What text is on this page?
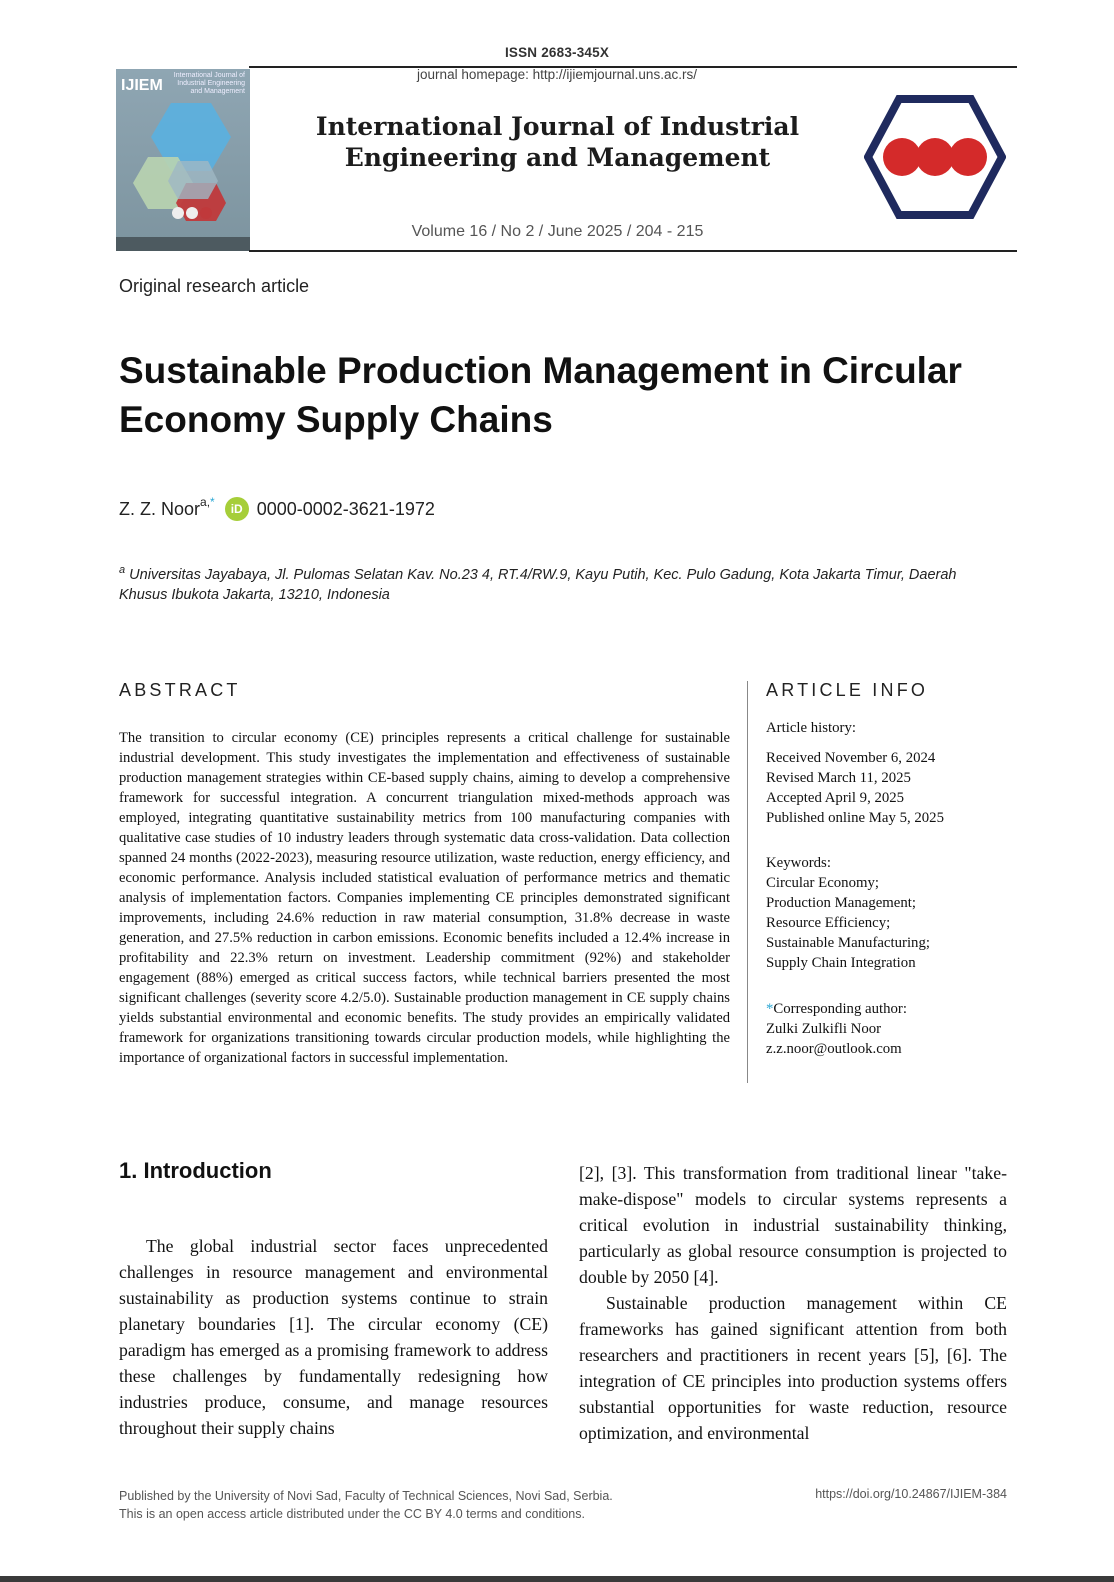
ISSN 2683-345X
journal homepage: http://ijiemjournal.uns.ac.rs/
IJIEM
International Journal of Industrial Engineering and Management
International Journal of Industrial Engineering and Management
Volume 16 / No 2 / June 2025 / 204 - 215
Original research article
Sustainable Production Management in Circular Economy Supply Chains
Z. Z. Noor $^{a,*}$	iD 0000-0002-3621-1972
$^a$ Universitas Jayabaya, Jl. Pulomas Selatan Kav. No.23 4, RT.4/RW.9, Kayu Putih, Kec. Pulo Gadung, Kota Jakarta Timur, Daerah Khusus Ibukota Jakarta, 13210, Indonesia
ABSTRACT	ARTICLE INFO
The transition to circular economy (CE) principles represents a critical challenge for sustainable industrial development. This study investigates the implementation and effectiveness of sustainable production management strategies within CE-based supply chains, aiming to develop a comprehensive framework for successful integration. A concurrent triangulation mixed-methods approach was employed, integrating quantitative sustainability metrics from 100 manufacturing companies with qualitative case studies of 10 industry leaders through systematic data cross-validation. Data collection spanned 24 months (2022-2023), measuring resource utilization, waste reduction, energy efficiency, and economic performance. Analysis included statistical evaluation of performance metrics and thematic analysis of implementation factors. Companies implementing CE principles demonstrated significant improvements, including 24.6% reduction in raw material consumption, 31.8% decrease in waste generation, and 27.5% reduction in carbon emissions. Economic benefits included a 12.4% increase in profitability and 22.3% return on investment. Leadership commitment (92%) and stakeholder engagement (88%) emerged as critical success factors, while technical barriers presented the most significant challenges (severity score 4.2/5.0). Sustainable production management in CE supply chains yields substantial environmental and economic benefits. The study provides an empirically validated framework for organizations transitioning towards circular production models, while highlighting the importance of organizational factors in successful implementation.
Article history:
Received November 6, 2024
Revised March 11, 2025
Accepted April 9, 2025
Published online May 5, 2025
Keywords:
Circular Economy;
Production Management;
Resource Efficiency;
Sustainable Manufacturing;
Supply Chain Integration
*Corresponding author:
Zulki Zulkifli Noor
z.z.noor@outlook.com
1. Introduction

The global industrial sector faces unprecedented challenges in resource management and environmental sustainability as production systems continue to strain planetary boundaries [1]. The circular economy (CE) paradigm has emerged as a promising framework to address these challenges by fundamentally redesigning how industries produce, consume, and manage resources throughout their supply chains

[2], [3]. This transformation from traditional linear "take-make-dispose" models to circular systems represents a critical evolution in industrial sustainability thinking, particularly as global resource consumption is projected to double by 2050 [4].

Sustainable production management within CE frameworks has gained significant attention from both researchers and practitioners in recent years [5], [6]. The integration of CE principles into production systems offers substantial opportunities for waste reduction, resource optimization, and environmental

Published by the University of Novi Sad, Faculty of Technical Sciences, Novi Sad, Serbia.
This is an open access article distributed under the CC BY 4.0 terms and conditions.
https://doi.org/10.24867/IJIEM-384
